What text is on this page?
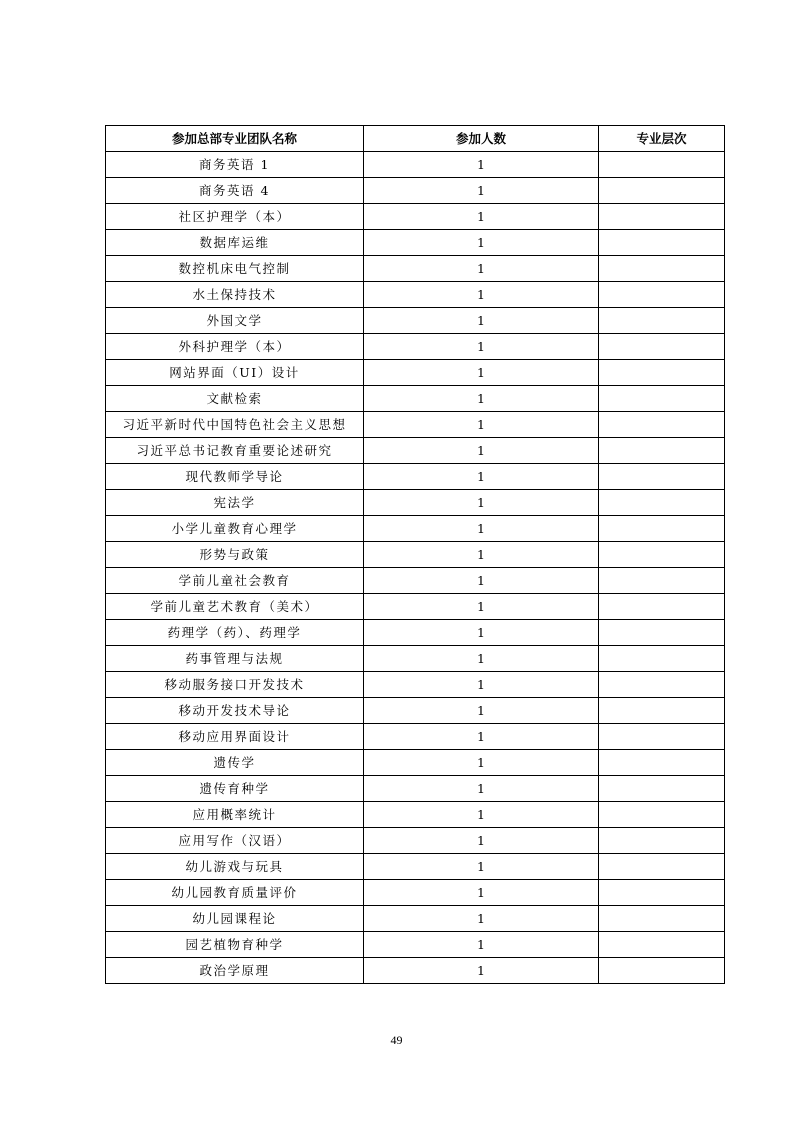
参加总部专业团队名称	参加人数	专业层次
商务英语 1	1	
商务英语 4	1	
社区护理学（本）	1	
数据库运维	1	
数控机床电气控制	1	
水土保持技术	1	
外国文学	1	
外科护理学（本）	1	
网站界面（UI）设计	1	
文献检索	1	
习近平新时代中国特色社会主义思想	1	
习近平总书记教育重要论述研究	1	
现代教师学导论	1	
宪法学	1	
小学儿童教育心理学	1	
形势与政策	1	
学前儿童社会教育	1	
学前儿童艺术教育（美术）	1	
药理学（药）、药理学	1	
药事管理与法规	1	
移动服务接口开发技术	1	
移动开发技术导论	1	
移动应用界面设计	1	
遗传学	1	
遗传育种学	1	
应用概率统计	1	
应用写作（汉语）	1	
幼儿游戏与玩具	1	
幼儿园教育质量评价	1	
幼儿园课程论	1	
园艺植物育种学	1	
政治学原理	1	
49
